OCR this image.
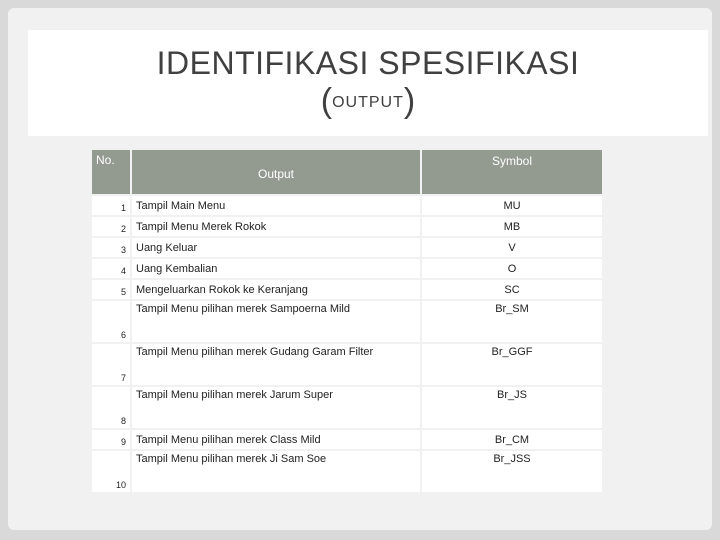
IDENTIFIKASI SPESIFIKASI
(OUTPUT)
No.	Output	Symbol
1	Tampil Main Menu	MU
2	Tampil Menu Merek Rokok	MB
3	Uang Keluar	V
4	Uang Kembalian	O
5	Mengeluarkan Rokok ke Keranjang	SC
6	Tampil Menu pilihan merek Sampoerna Mild	Br_SM
7	Tampil Menu pilihan merek Gudang Garam Filter	Br_GGF
8	Tampil Menu pilihan merek Jarum Super	Br_JS
9	Tampil Menu pilihan merek Class Mild	Br_CM
10	Tampil Menu pilihan merek Ji Sam Soe	Br_JSS
